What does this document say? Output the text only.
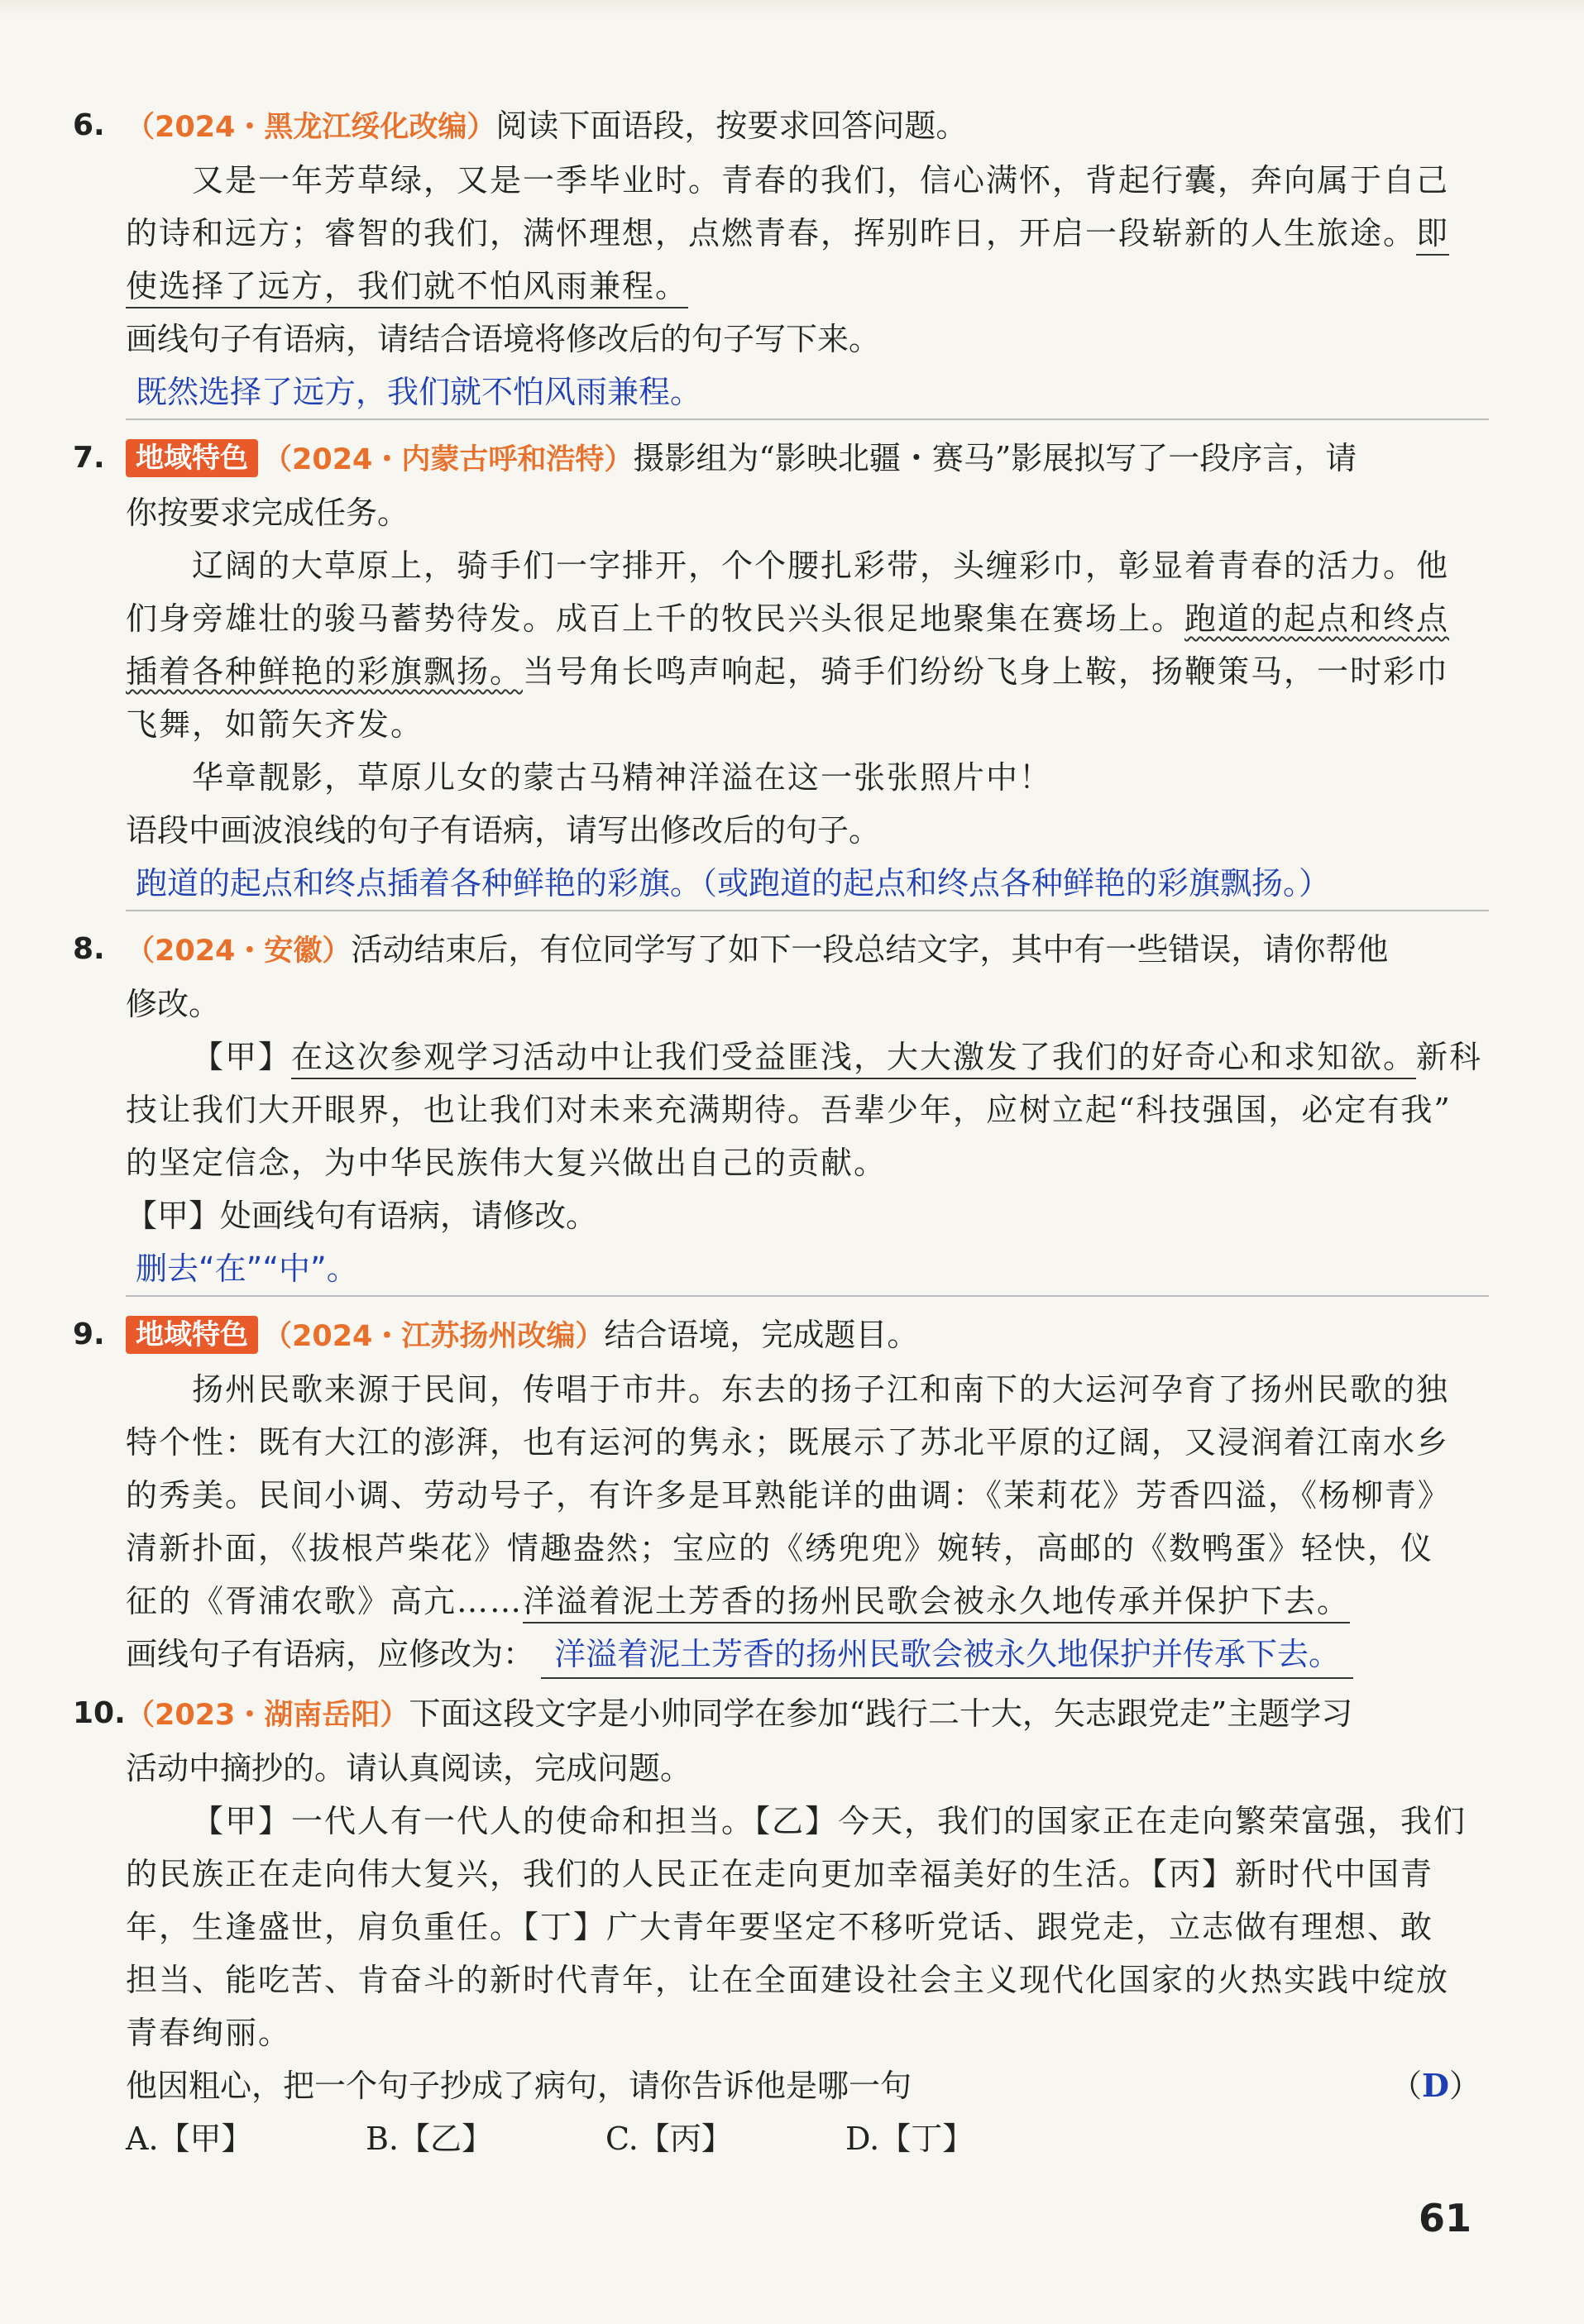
6. （2024・黑龙江绥化改编）阅读下面语段，按要求回答问题。
又是一年芳草绿，又是一季毕业时。青春的我们，信心满怀，背起行囊，奔向属于自己
的诗和远方；睿智的我们，满怀理想，点燃青春，挥别昨日，开启一段崭新的人生旅途。即
使选择了远方，我们就不怕风雨兼程。
画线句子有语病，请结合语境将修改后的句子写下来。
既然选择了远方，我们就不怕风雨兼程。
7.	地域特色 （2024・内蒙古呼和浩特）摄影组为“影映北疆・赛马”影展拟写了一段序言，请
你按要求完成任务。
辽阔的大草原上，骑手们一字排开，个个腰扎彩带，头缠彩巾，彰显着青春的活力。他
们身旁雄壮的骏马蓄势待发。成百上千的牧民兴头很足地聚集在赛场上。跑道的起点和终点
插着各种鲜艳的彩旗飘扬。当号角长鸣声响起，骑手们纷纷飞身上鞍，扬鞭策马，一时彩巾
飞舞，如箭矢齐发。
华章靓影，草原儿女的蒙古马精神洋溢在这一张张照片中！
语段中画波浪线的句子有语病，请写出修改后的句子。
跑道的起点和终点插着各种鲜艳的彩旗。（或跑道的起点和终点各种鲜艳的彩旗飘扬。）
8. （2024・安徽）活动结束后，有位同学写了如下一段总结文字，其中有一些错误，请你帮他
修改。
【甲】在这次参观学习活动中让我们受益匪浅，大大激发了我们的好奇心和求知欲。新科
技让我们大开眼界，也让我们对未来充满期待。吾辈少年，应树立起“科技强国，必定有我”
的坚定信念，为中华民族伟大复兴做出自己的贡献。
【甲】处画线句有语病，请修改。
删去“在”“中”。
9.	地域特色 （2024・江苏扬州改编）结合语境，完成题目。
扬州民歌来源于民间，传唱于市井。东去的扬子江和南下的大运河孕育了扬州民歌的独
特个性：既有大江的澎湃，也有运河的隽永；既展示了苏北平原的辽阔，又浸润着江南水乡
的秀美。民间小调、劳动号子，有许多是耳熟能详的曲调：《茉莉花》芳香四溢，《杨柳青》
清新扑面，《拔根芦柴花》情趣盎然；宝应的《绣兜兜》婉转，高邮的《数鸭蛋》轻快，仪
征的《胥浦农歌》高亢……洋溢着泥土芳香的扬州民歌会被永久地传承并保护下去。
画线句子有语病，应修改为： 洋溢着泥土芳香的扬州民歌会被永久地保护并传承下去。
10. （2023・湖南岳阳）下面这段文字是小帅同学在参加“践行二十大，矢志跟党走”主题学习
活动中摘抄的。请认真阅读，完成问题。
【甲】一代人有一代人的使命和担当。【乙】今天，我们的国家正在走向繁荣富强，我们
的民族正在走向伟大复兴，我们的人民正在走向更加幸福美好的生活。【丙】新时代中国青
年，生逢盛世，肩负重任。【丁】广大青年要坚定不移听党话、跟党走，立志做有理想、敢
担当、能吃苦、肯奋斗的新时代青年，让在全面建设社会主义现代化国家的火热实践中绽放
青春绚丽。
他因粗心，把一个句子抄成了病句，请你告诉他是哪一句	（D）
A.【甲】	B.【乙】	C.【丙】	D.【丁】
61
